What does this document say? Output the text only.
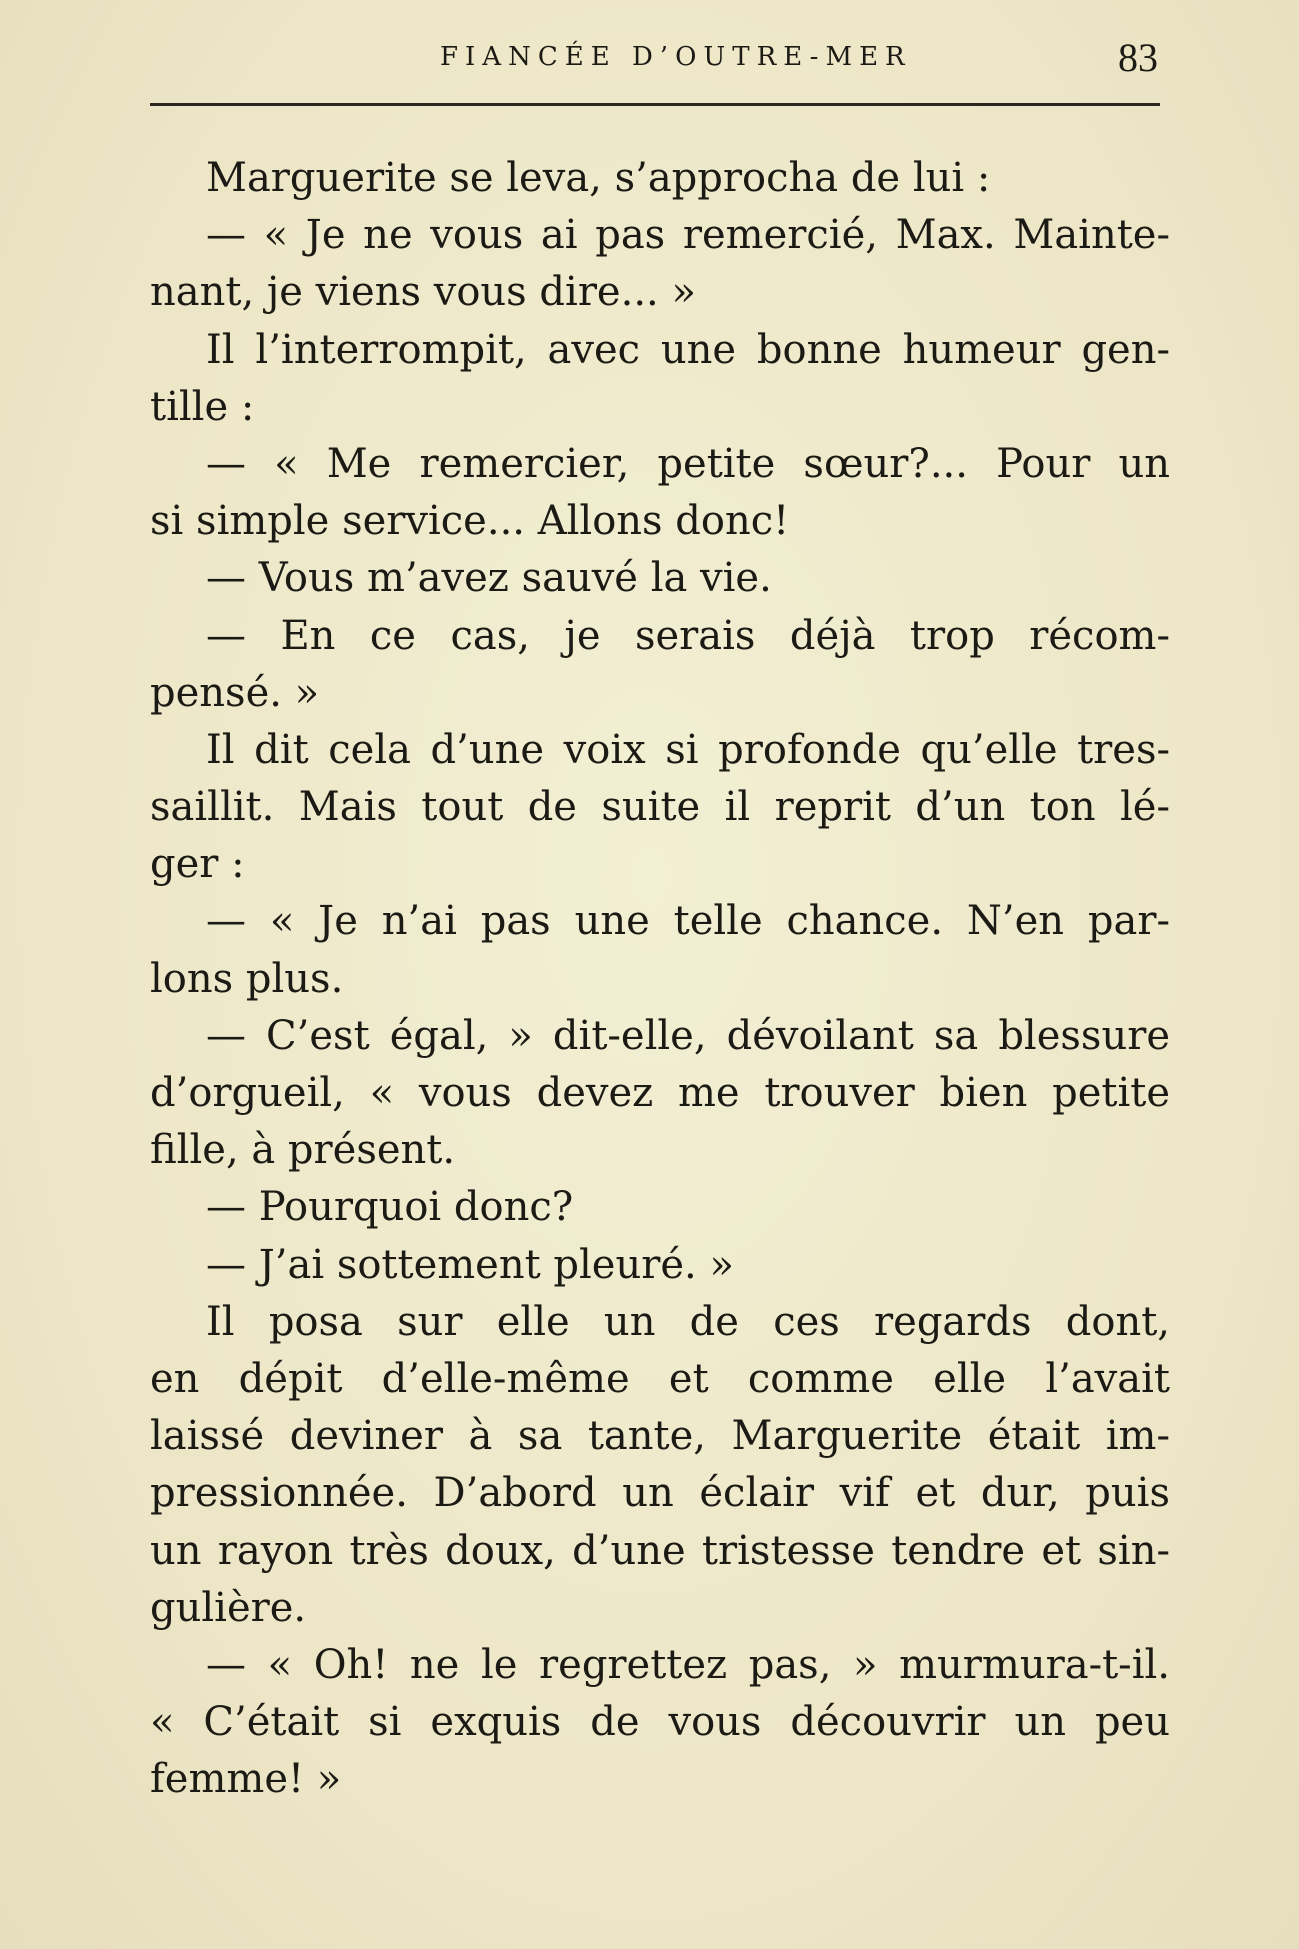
FIANCÉE D’OUTRE-MER	83
Marguerite se leva, s’approcha de lui :
— « Je ne vous ai pas remercié, Max. Mainte-
nant, je viens vous dire... »
Il l’interrompit, avec une bonne humeur gen-
tille :
— « Me remercier, petite sœur?... Pour un
si simple service... Allons donc!
— Vous m’avez sauvé la vie.
— En ce cas, je serais déjà trop récom-
pensé. »
Il dit cela d’une voix si profonde qu’elle tres-
saillit. Mais tout de suite il reprit d’un ton lé-
ger :
— « Je n’ai pas une telle chance. N’en par-
lons plus.
— C’est égal, » dit-elle, dévoilant sa blessure
d’orgueil, « vous devez me trouver bien petite
fille, à présent.
— Pourquoi donc?
— J’ai sottement pleuré. »
Il posa sur elle un de ces regards dont,
en dépit d’elle-même et comme elle l’avait
laissé deviner à sa tante, Marguerite était im-
pressionnée. D’abord un éclair vif et dur, puis
un rayon très doux, d’une tristesse tendre et sin-
gulière.
— « Oh! ne le regrettez pas, » murmura-t-il.
« C’était si exquis de vous découvrir un peu
femme! »
